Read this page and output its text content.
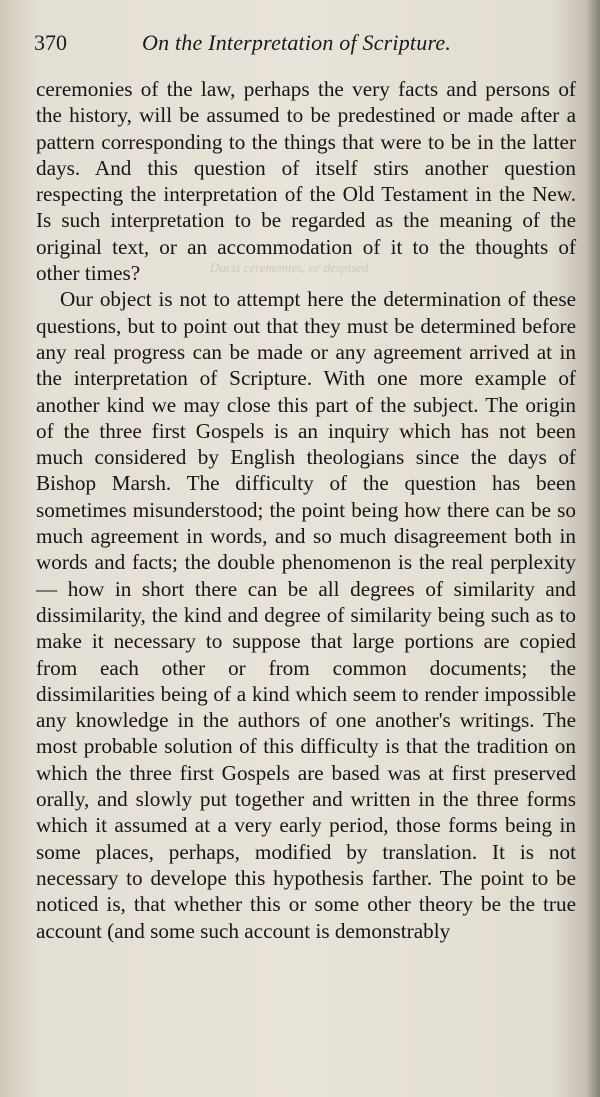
370	On the Interpretation of Scripture.
Dacis ceremonies, or despised

ceremonies of the law, perhaps the very facts and persons of the history, will be assumed to be predestined or made after a pattern corresponding to the things that were to be in the latter days. And this question of itself stirs another question respecting the interpretation of the Old Testament in the New. Is such interpretation to be regarded as the meaning of the original text, or an accommodation of it to the thoughts of other times?

Our object is not to attempt here the determination of these questions, but to point out that they must be determined before any real progress can be made or any agreement arrived at in the interpretation of Scripture. With one more example of another kind we may close this part of the subject. The origin of the three first Gospels is an inquiry which has not been much considered by English theologians since the days of Bishop Marsh. The difficulty of the question has been sometimes misunderstood; the point being how there can be so much agreement in words, and so much disagreement both in words and facts; the double phenomenon is the real perplexity— how in short there can be all degrees of similarity and dissimilarity, the kind and degree of similarity being such as to make it necessary to suppose that large portions are copied from each other or from common documents; the dissimilarities being of a kind which seem to render impossible any knowledge in the authors of one another's writings. The most probable solution of this difficulty is that the tradition on which the three first Gospels are based was at first preserved orally, and slowly put together and written in the three forms which it assumed at a very early period, those forms being in some places, perhaps, modified by translation. It is not necessary to develope this hypothesis farther. The point to be noticed is, that whether this or some other theory be the true account (and some such account is demonstrably
